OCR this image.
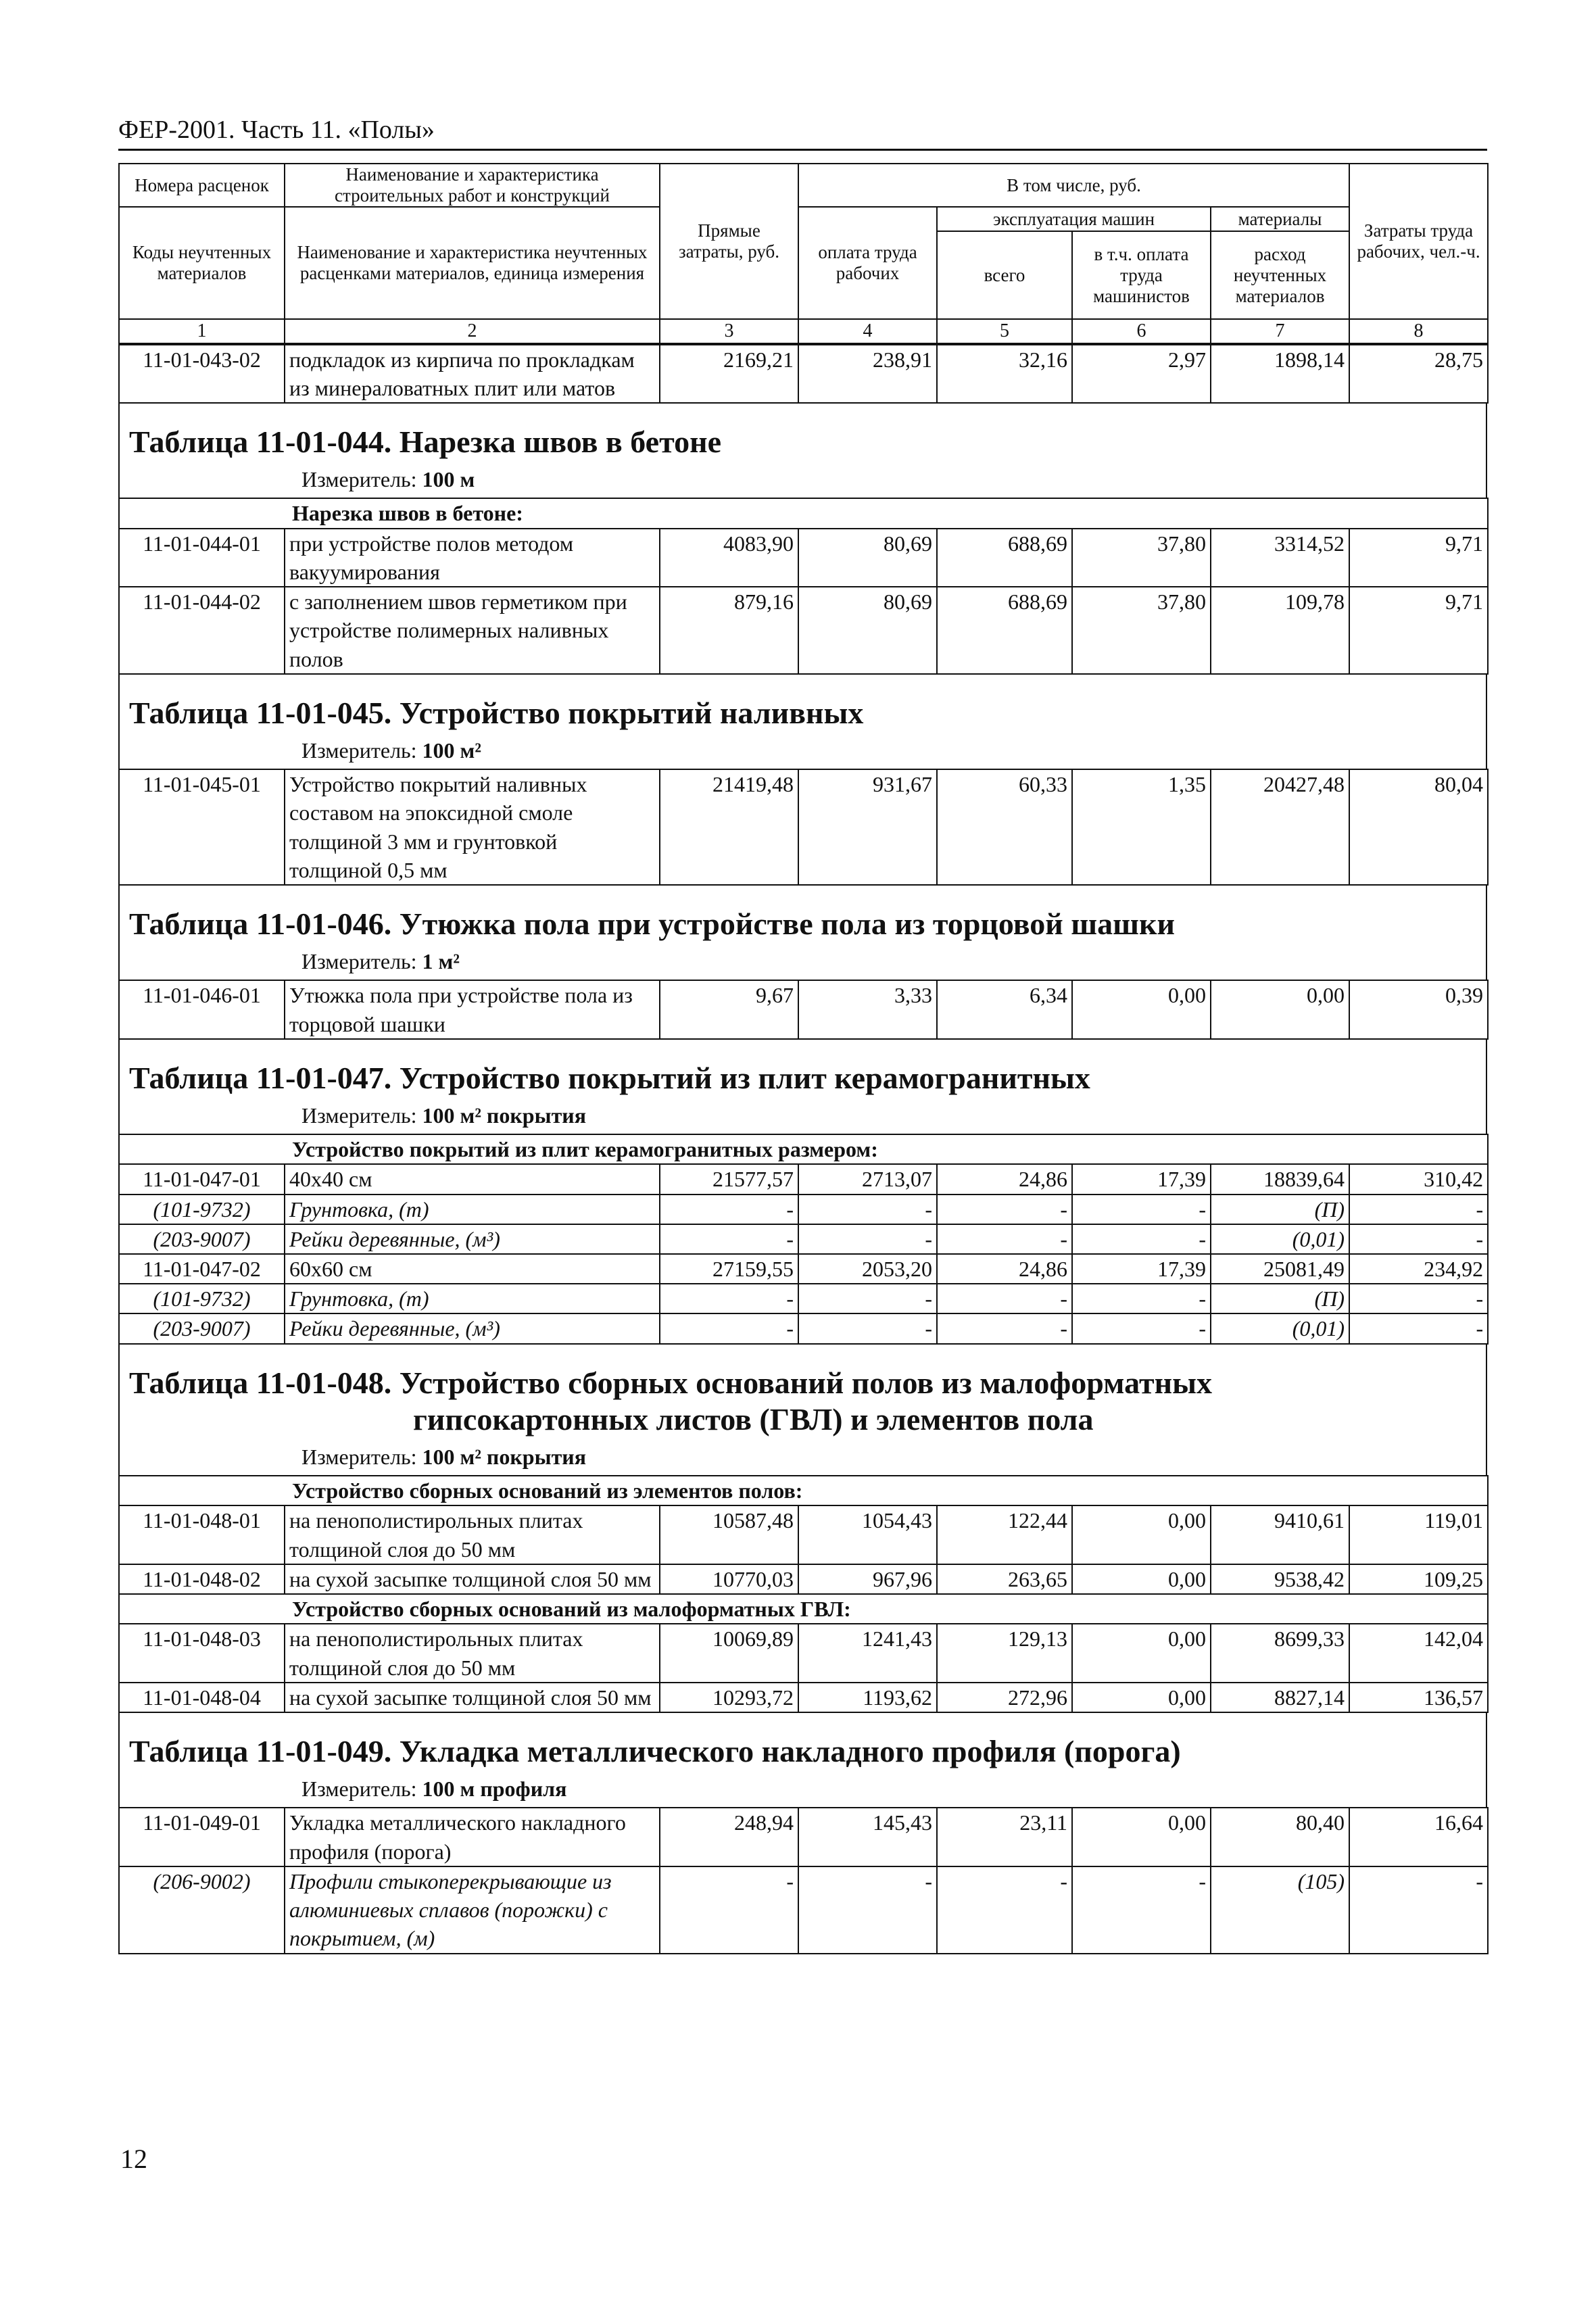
ФЕР-2001. Часть 11. «Полы»
Номера расценок	Наименование и характеристика строительных работ и конструкций	Прямые затраты, руб.	В том числе, руб.				Затраты труда рабочих, чел.-ч.
Коды неучтенных материалов	Наименование и характеристика неучтенных расценками материалов, единица измерения		оплата труда рабочих	эксплуатация машин		материалы	
				всего	в т.ч. оплата труда машинистов	расход неучтенных материалов	
1	2	3	4	5	6	7	8
11-01-043-02	подкладок из кирпича по прокладкам из минераловатных плит или матов	2169,21	238,91	32,16	2,97	1898,14	28,75
Таблица 11-01-044. Нарезка швов в бетоне
Измеритель: 100 м
Нарезка швов в бетоне:							
11-01-044-01	при устройстве полов методом вакуумирования	4083,90	80,69	688,69	37,80	3314,52	9,71
11-01-044-02	с заполнением швов герметиком при устройстве полимерных наливных полов	879,16	80,69	688,69	37,80	109,78	9,71
Таблица 11-01-045. Устройство покрытий наливных
Измеритель: 100 м²
11-01-045-01	Устройство покрытий наливных составом на эпоксидной смоле толщиной 3 мм и грунтовкой толщиной 0,5 мм	21419,48	931,67	60,33	1,35	20427,48	80,04
Таблица 11-01-046. Утюжка пола при устройстве пола из торцовой шашки
Измеритель: 1 м²
11-01-046-01	Утюжка пола при устройстве пола из торцовой шашки	9,67	3,33	6,34	0,00	0,00	0,39
Таблица 11-01-047. Устройство покрытий из плит керамогранитных
Измеритель: 100 м² покрытия
Устройство покрытий из плит керамогранитных размером:							
11-01-047-01	40x40 см	21577,57	2713,07	24,86	17,39	18839,64	310,42
(101-9732)	Грунтовка, (т)	-	-	-	-	(П)	-
(203-9007)	Рейки деревянные, (м³)	-	-	-	-	(0,01)	-
11-01-047-02	60x60 см	27159,55	2053,20	24,86	17,39	25081,49	234,92
(101-9732)	Грунтовка, (т)	-	-	-	-	(П)	-
(203-9007)	Рейки деревянные, (м³)	-	-	-	-	(0,01)	-
Таблица 11-01-048. Устройство сборных оснований полов из малоформатных
гипсокартонных листов (ГВЛ) и элементов пола
Измеритель: 100 м² покрытия
Устройство сборных оснований из элементов полов:							
11-01-048-01	на пенополистирольных плитах толщиной слоя до 50 мм	10587,48	1054,43	122,44	0,00	9410,61	119,01
11-01-048-02	на сухой засыпке толщиной слоя 50 мм	10770,03	967,96	263,65	0,00	9538,42	109,25
Устройство сборных оснований из малоформатных ГВЛ:							
11-01-048-03	на пенополистирольных плитах толщиной слоя до 50 мм	10069,89	1241,43	129,13	0,00	8699,33	142,04
11-01-048-04	на сухой засыпке толщиной слоя 50 мм	10293,72	1193,62	272,96	0,00	8827,14	136,57
Таблица 11-01-049. Укладка металлического накладного профиля (порога)
Измеритель: 100 м профиля
11-01-049-01	Укладка металлического накладного профиля (порога)	248,94	145,43	23,11	0,00	80,40	16,64
(206-9002)	Профили стыкоперекрывающие из алюминиевых сплавов (порожки) с покрытием, (м)	-	-	-	-	(105)	-
12
